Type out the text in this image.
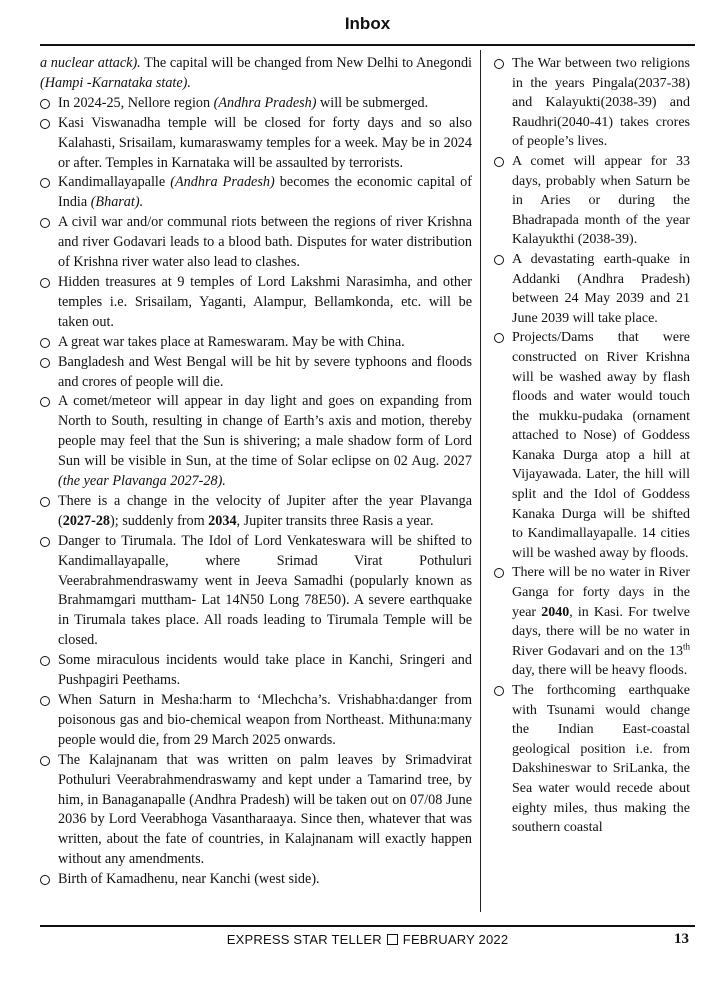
Inbox

a nuclear attack). The capital will be changed from New Delhi to Anegondi (Hampi -Karnataka state).

In 2024-25, Nellore region (Andhra Pradesh) will be submerged.

Kasi Viswanadha temple will be closed for forty days and so also Kalahasti, Srisailam, kumaraswamy temples for a week. May be in 2024 or after. Temples in Karnataka will be assaulted by terrorists.

Kandimallayapalle (Andhra Pradesh) becomes the economic capital of India (Bharat).

A civil war and/or communal riots between the regions of river Krishna and river Godavari leads to a blood bath. Disputes for water distribution of Krishna river water also lead to clashes.

Hidden treasures at 9 temples of Lord Lakshmi Narasimha, and other temples i.e. Srisailam, Yaganti, Alampur, Bellamkonda, etc. will be taken out.

A great war takes place at Rameswaram. May be with China.

Bangladesh and West Bengal will be hit by severe typhoons and floods and crores of people will die.

A comet/meteor will appear in day light and goes on expanding from North to South, resulting in change of Earth’s axis and motion, thereby people may feel that the Sun is shivering; a male shadow form of Lord Sun will be visible in Sun, at the time of Solar eclipse on 02 Aug. 2027 (the year Plavanga 2027-28).

There is a change in the velocity of Jupiter after the year Plavanga (2027-28); suddenly from 2034, Jupiter transits three Rasis a year.

Danger to Tirumala. The Idol of Lord Venkateswara will be shifted to Kandimallayapalle, where Srimad Virat Pothuluri Veerabrahmendraswamy went in Jeeva Samadhi (popularly known as Brahmamgari muttham- Lat 14N50 Long 78E50). A severe earthquake in Tirumala takes place. All roads leading to Tirumala Temple will be closed.

Some miraculous incidents would take place in Kanchi, Sringeri and Pushpagiri Peethams.

When Saturn in Mesha:harm to ‘Mlechcha’s. Vrishabha:danger from poisonous gas and bio-chemical weapon from Northeast. Mithuna:many people would die, from 29 March 2025 onwards.

The Kalajnanam that was written on palm leaves by Srimadvirat Pothuluri Veerabrahmendraswamy and kept under a Tamarind tree, by him, in Banaganapalle (Andhra Pradesh) will be taken out on 07/08 June 2036 by Lord Veerabhoga Vasantharaaya. Since then, whatever that was written, about the fate of countries, in Kalajnanam will exactly happen without any amendments.

Birth of Kamadhenu, near Kanchi (west side).

The War between two religions in the years Pingala(2037-38) and Kalayukti(2038-39) and Raudhri(2040-41) takes crores of people’s lives.

A comet will appear for 33 days, probably when Saturn be in Aries or during the Bhadrapada month of the year Kalayukthi (2038-39).

A devastating earth-quake in Addanki (Andhra Pradesh) between 24 May 2039 and 21 June 2039 will take place.

Projects/Dams that were constructed on River Krishna will be washed away by flash floods and water would touch the mukku-pudaka (ornament attached to Nose) of Goddess Kanaka Durga atop a hill at Vijayawada. Later, the hill will split and the Idol of Goddess Kanaka Durga will be shifted to Kandimallayapalle. 14 cities will be washed away by floods.

There will be no water in River Ganga for forty days in the year 2040, in Kasi. For twelve days, there will be no water in River Godavari and on the 13th day, there will be heavy floods.

The forthcoming earthquake with Tsunami would change the Indian East-coastal geological position i.e. from Dakshineswar to SriLanka, the Sea water would recede about eighty miles, thus making the southern coastal

EXPRESS STAR TELLER FEBRUARY 2022	13
